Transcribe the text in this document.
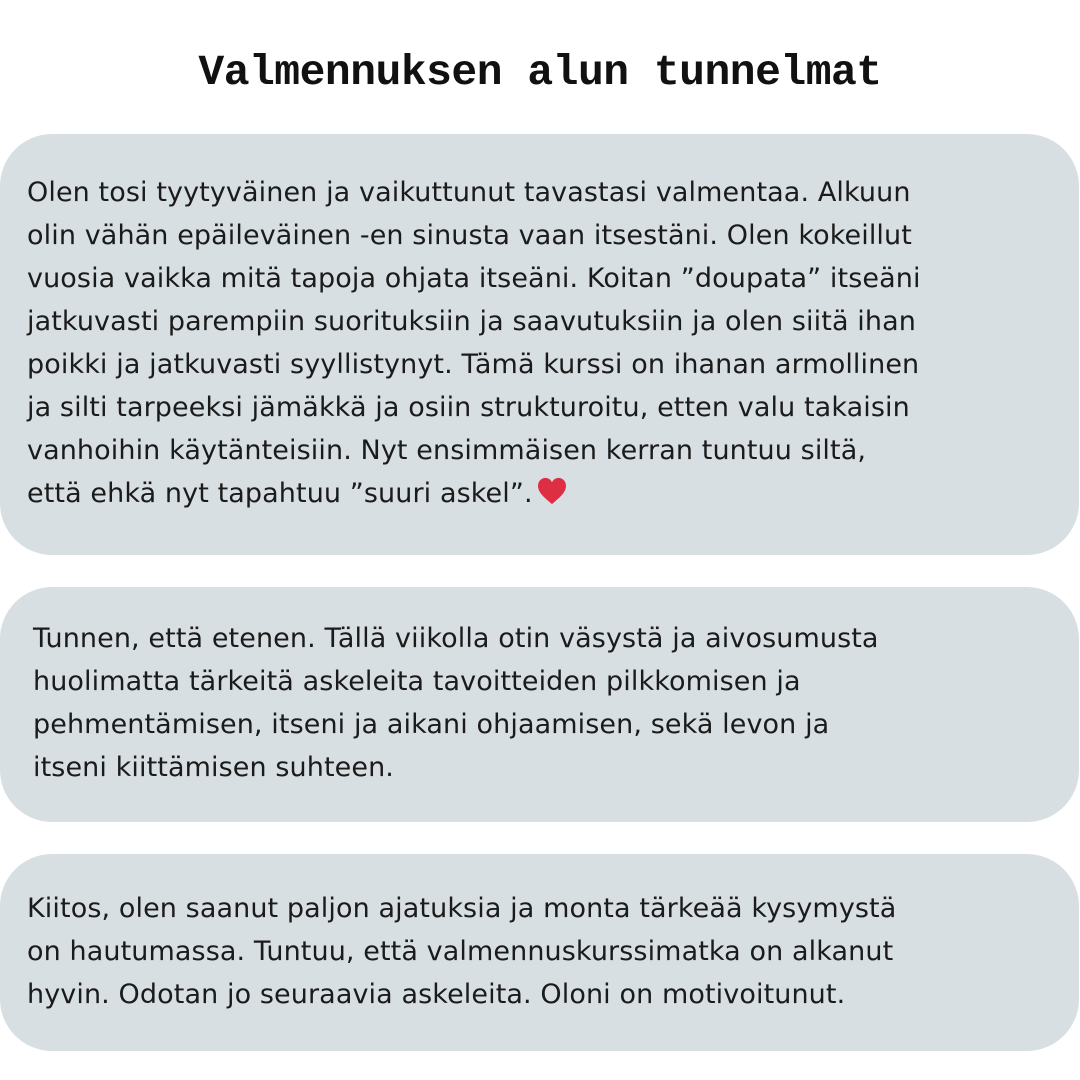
Valmennuksen alun tunnelmat

Olen tosi tyytyväinen ja vaikuttunut tavastasi valmentaa. Alkuun
olin vähän epäileväinen -en sinusta vaan itsestäni. Olen kokeillut
vuosia vaikka mitä tapoja ohjata itseäni. Koitan ”doupata” itseäni
jatkuvasti parempiin suorituksiin ja saavutuksiin ja olen siitä ihan
poikki ja jatkuvasti syyllistynyt. Tämä kurssi on ihanan armollinen
ja silti tarpeeksi jämäkkä ja osiin strukturoitu, etten valu takaisin
vanhoihin käytänteisiin. Nyt ensimmäisen kerran tuntuu siltä,
että ehkä nyt tapahtuu ”suuri askel”.

Tunnen, että etenen. Tällä viikolla otin väsystä ja aivosumusta
huolimatta tärkeitä askeleita tavoitteiden pilkkomisen ja
pehmentämisen, itseni ja aikani ohjaamisen, sekä levon ja
itseni kiittämisen suhteen.

Kiitos, olen saanut paljon ajatuksia ja monta tärkeää kysymystä
on hautumassa. Tuntuu, että valmennuskurssimatka on alkanut
hyvin. Odotan jo seuraavia askeleita. Oloni on motivoitunut.
